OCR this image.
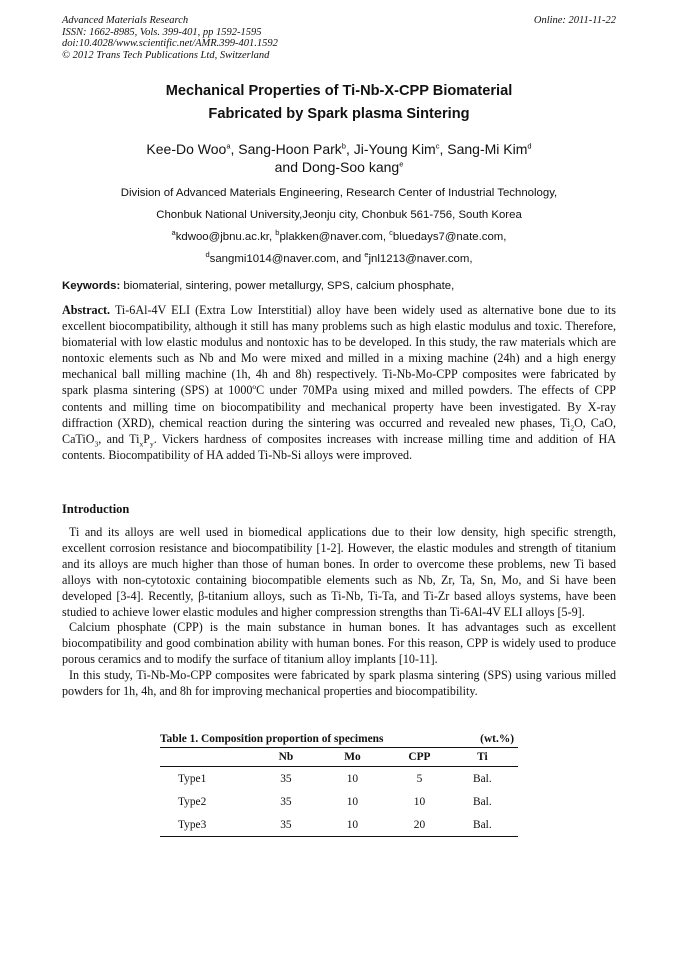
Advanced Materials Research
ISSN: 1662-8985, Vols. 399-401, pp 1592-1595
doi:10.4028/www.scientific.net/AMR.399-401.1592
© 2012 Trans Tech Publications Ltd, Switzerland
Online: 2011-11-22
Mechanical Properties of Ti-Nb-X-CPP Biomaterial
Fabricated by Spark plasma Sintering
Kee-Do Woo$^a$, Sang-Hoon Park$^b$, Ji-Young Kim$^c$, Sang-Mi Kim$^d$
and Dong-Soo kang$^e$
Division of Advanced Materials Engineering, Research Center of Industrial Technology,
Chonbuk National University,Jeonju city, Chonbuk 561-756, South Korea
$^a$kdwoo@jbnu.ac.kr, $^b$plakken@naver.com, $^c$bluedays7@nate.com,
$^d$sangmi1014@naver.com, and $^e$jnl1213@naver.com,
Keywords: biomaterial, sintering, power metallurgy, SPS, calcium phosphate,
Abstract. Ti-6Al-4V ELI (Extra Low Interstitial) alloy have been widely used as alternative bone due to its excellent biocompatibility, although it still has many problems such as high elastic modulus and toxic. Therefore, biomaterial with low elastic modulus and nontoxic has to be developed. In this study, the raw materials which are nontoxic elements such as Nb and Mo were mixed and milled in a mixing machine (24h) and a high energy mechanical ball milling machine (1h, 4h and 8h) respectively. Ti-Nb-Mo-CPP composites were fabricated by spark plasma sintering (SPS) at 1000$^o$C under 70MPa using mixed and milled powders. The effects of CPP contents and milling time on biocompatibility and mechanical property have been investigated. By X-ray diffraction (XRD), chemical reaction during the sintering was occurred and revealed new phases, $Ti_2O$, CaO, CaTiO$_3$, and $Ti_xP_y$. Vickers hardness of composites increases with increase milling time and addition of HA contents. Biocompatibility of HA added Ti-Nb-Si alloys were improved.
Introduction

Ti and its alloys are well used in biomedical applications due to their low density, high specific strength, excellent corrosion resistance and biocompatibility [1-2]. However, the elastic modules and strength of titanium and its alloys are much higher than those of human bones. In order to overcome these problems, new Ti based alloys with non-cytotoxic containing biocompatible elements such as Nb, Zr, Ta, Sn, Mo, and Si have been developed [3-4]. Recently, β-titanium alloys, such as Ti-Nb, Ti-Ta, and Ti-Zr based alloys systems, have been studied to achieve lower elastic modules and higher compression strengths than Ti-6Al-4V ELI alloys [5-9].

Calcium phosphate (CPP) is the main substance in human bones. It has advantages such as excellent biocompatibility and good combination ability with human bones. For this reason, CPP is widely used to produce porous ceramics and to modify the surface of titanium alloy implants [10-11].

In this study, Ti-Nb-Mo-CPP composites were fabricated by spark plasma sintering (SPS) using various milled powders for 1h, 4h, and 8h for improving mechanical properties and biocompatibility.

Table 1. Composition proportion of specimens	(wt.%)
	Nb	Mo	CPP	Ti

Type1	35	10	5	Bal.
Type2	35	10	10	Bal.
Type3	35	10	20	Bal.
